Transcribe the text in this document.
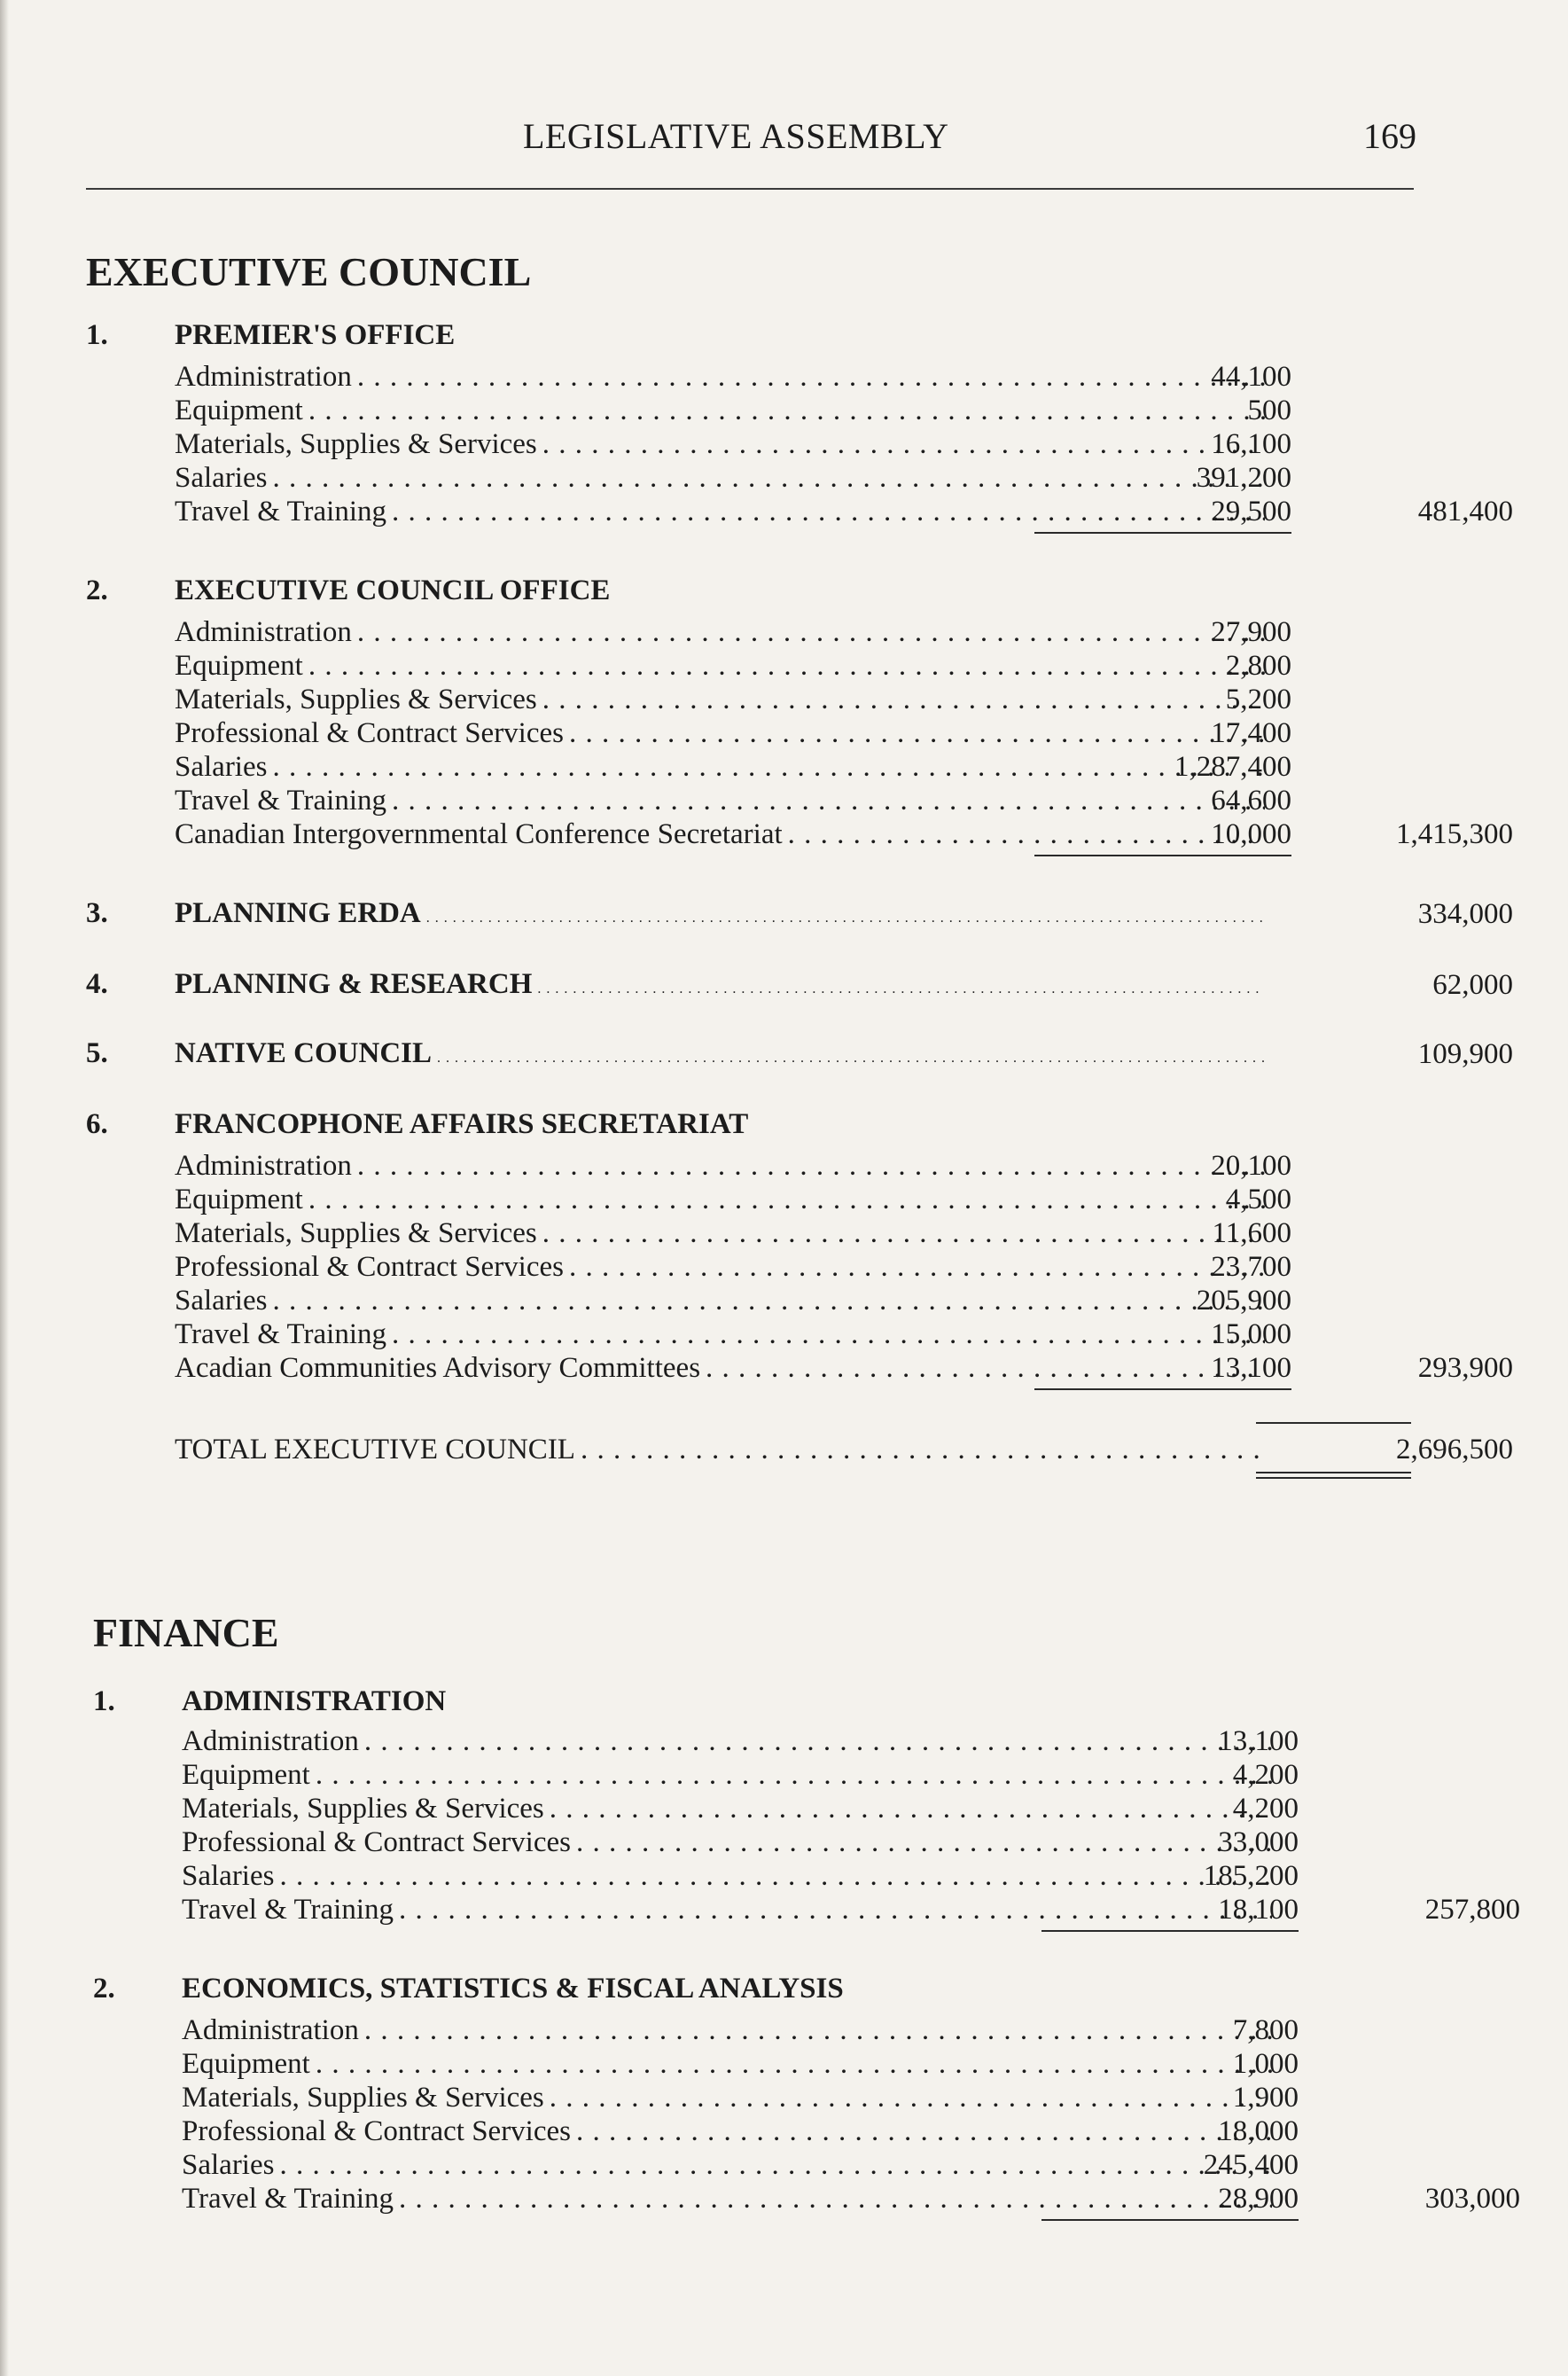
LEGISLATIVE ASSEMBLY	169
EXECUTIVE COUNCIL
1. PREMIER'S OFFICE
Administration . . .	44,100
Equipment . . .	500
Materials, Supplies & Services . . .	16,100
Salaries . . .	391,200
Travel & Training . . .	29,500	481,400
2. EXECUTIVE COUNCIL OFFICE
Administration . . .	27,900
Equipment . . .	2,800
Materials, Supplies & Services . . .	5,200
Professional & Contract Services . . .	17,400
Salaries . . .	1,287,400
Travel & Training . . .	64,600
Canadian Intergovernmental Conference Secretariat . . .	10,000	1,415,300
3. PLANNING ERDA . . .	334,000
4. PLANNING & RESEARCH . . .	62,000
5. NATIVE COUNCIL . . .	109,900
6. FRANCOPHONE AFFAIRS SECRETARIAT
Administration . . .	20,100
Equipment . . .	4,500
Materials, Supplies & Services . . .	11,600
Professional & Contract Services . . .	23,700
Salaries . . .	205,900
Travel & Training . . .	15,000
Acadian Communities Advisory Committees . . .	13,100	293,900
TOTAL EXECUTIVE COUNCIL . . .	2,696,500
FINANCE
1. ADMINISTRATION
Administration . . .	13,100
Equipment . . .	4,200
Materials, Supplies & Services . . .	4,200
Professional & Contract Services . . .	33,000
Salaries . . .	185,200
Travel & Training . . .	18,100	257,800
2. ECONOMICS, STATISTICS & FISCAL ANALYSIS
Administration . . .	7,800
Equipment . . .	1,000
Materials, Supplies & Services . . .	1,900
Professional & Contract Services . . .	18,000
Salaries . . .	245,400
Travel & Training . . .	28,900	303,000
